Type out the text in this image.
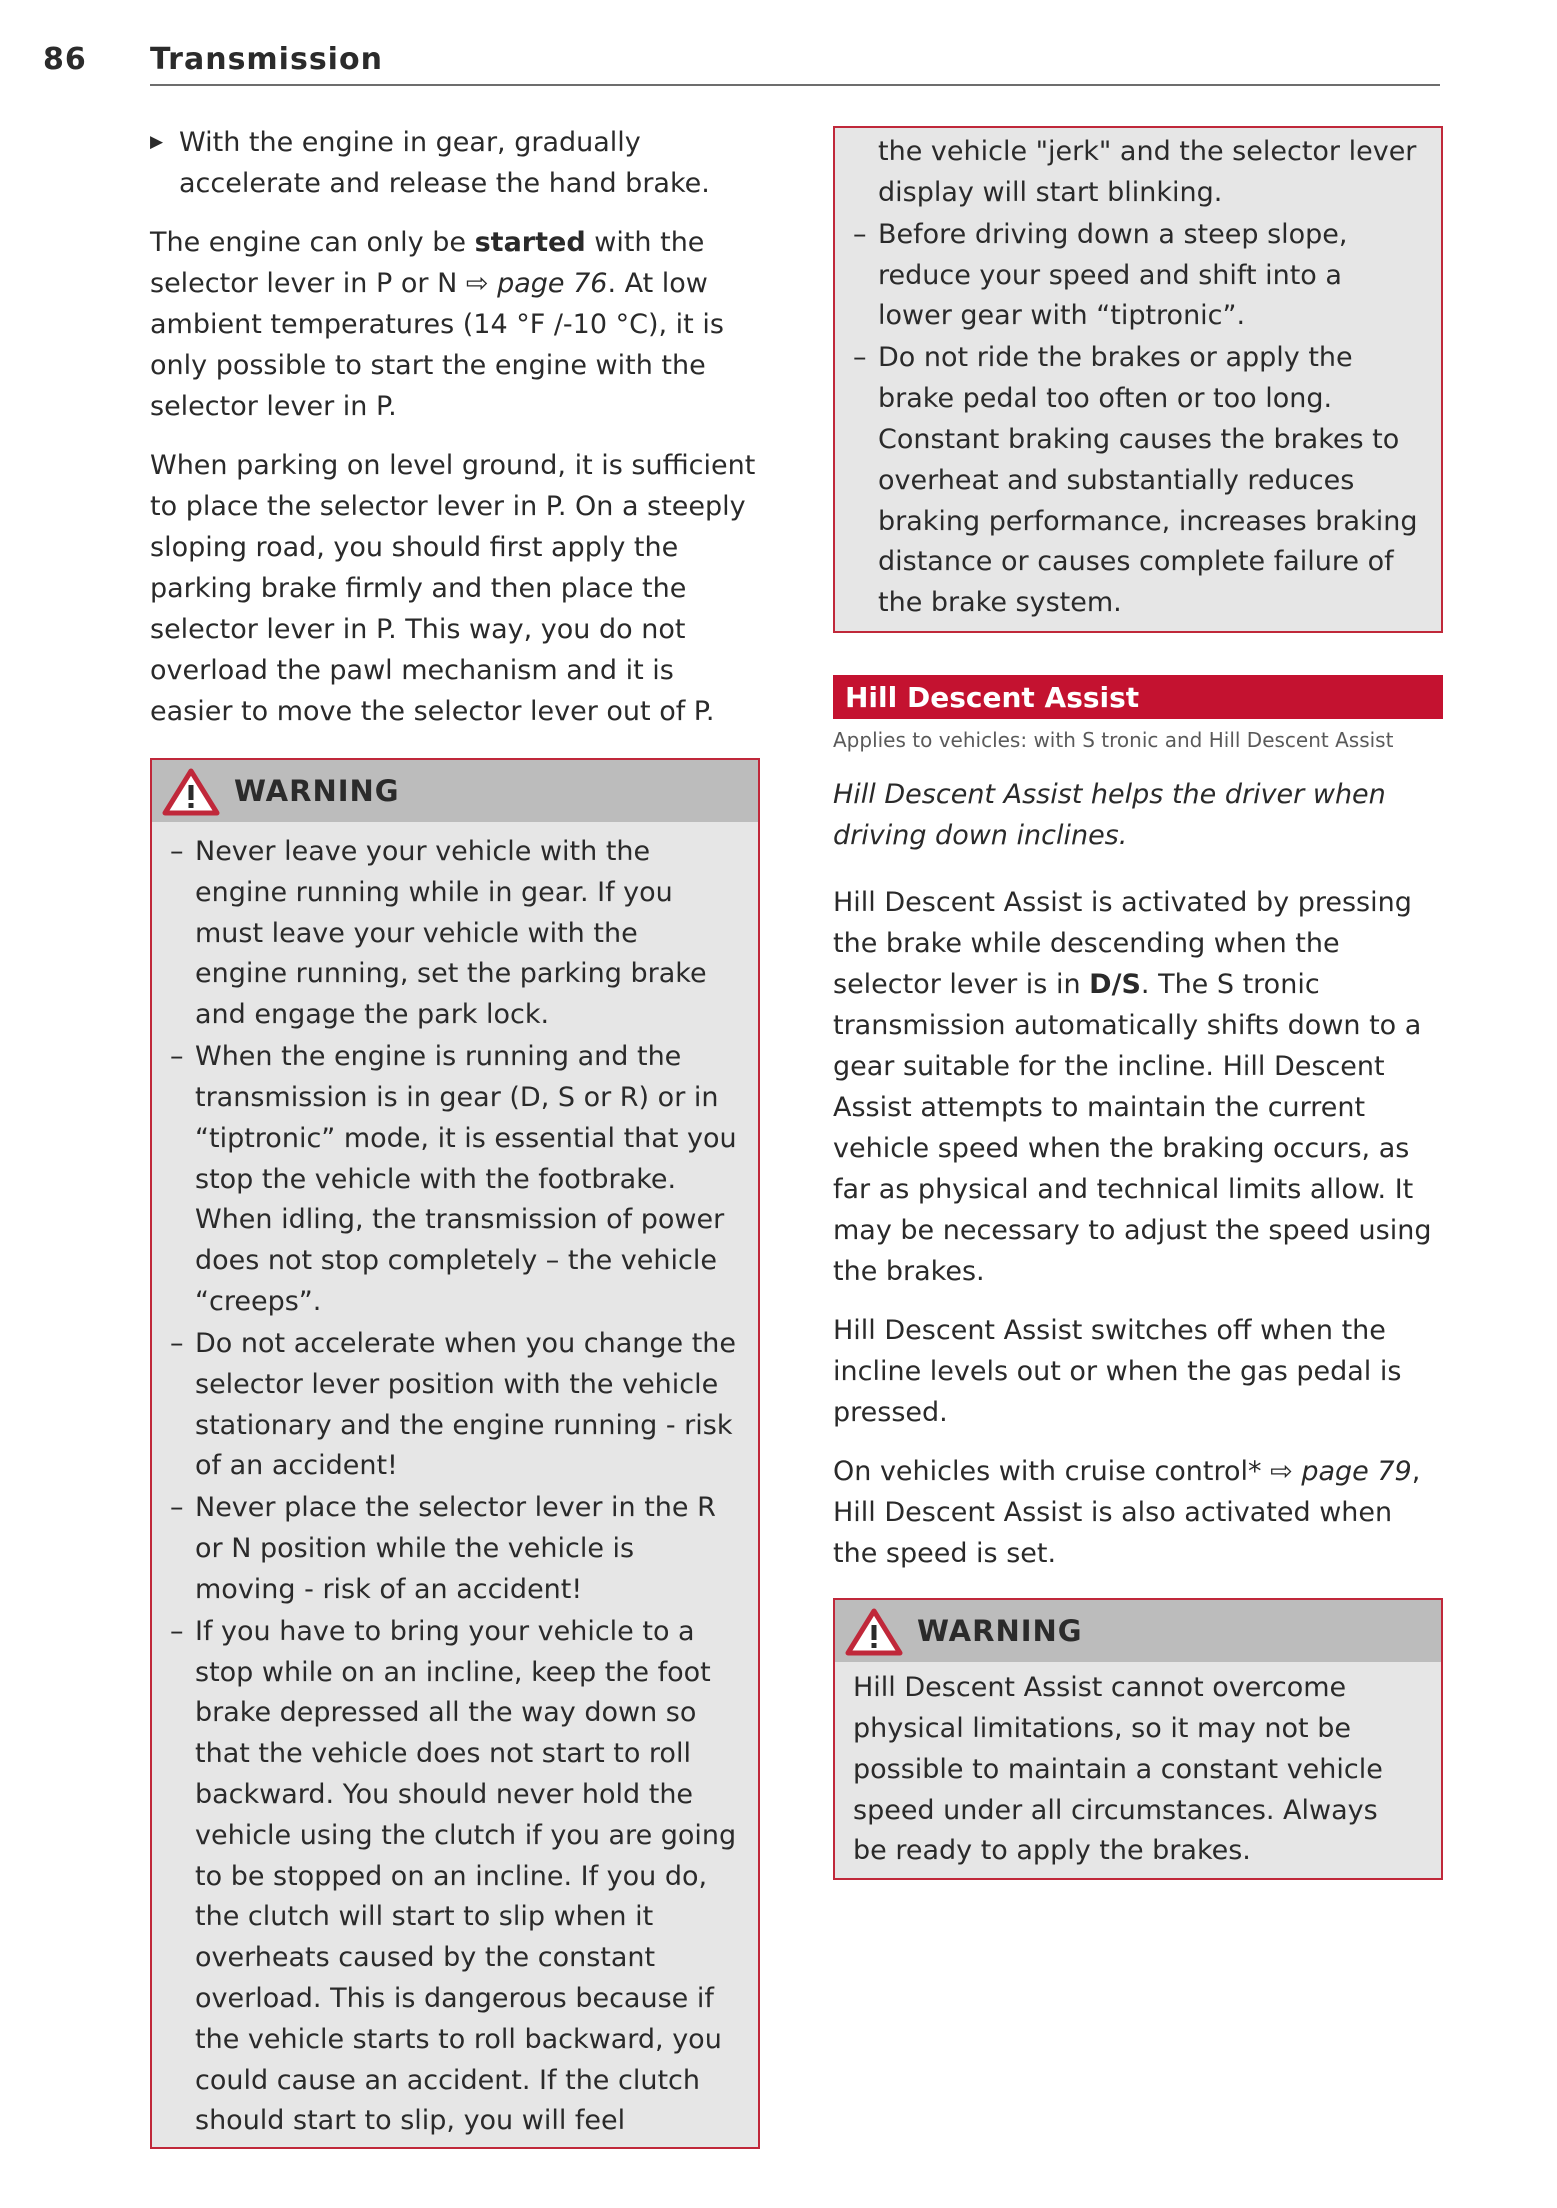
86 Transmission

▶ With the engine in gear, gradually accelerate and release the hand brake.

The engine can only be started with the selector lever in P or N ⇨ page 76. At low ambient temperatures (14 °F /-10 °C), it is only possible to start the engine with the selector lever in P.

When parking on level ground, it is sufficient to place the selector lever in P. On a steeply sloping road, you should first apply the parking brake firmly and then place the selector lever in P. This way, you do not overload the pawl mechanism and it is easier to move the selector lever out of P.

WARNING
– Never leave your vehicle with the engine running while in gear. If you must leave your vehicle with the engine running, set the parking brake and engage the park lock.
– When the engine is running and the transmission is in gear (D, S or R) or in “tiptronic” mode, it is essential that you stop the vehicle with the footbrake. When idling, the transmission of power does not stop completely – the vehicle “creeps”.
– Do not accelerate when you change the selector lever position with the vehicle stationary and the engine running - risk of an accident!
– Never place the selector lever in the R or N position while the vehicle is moving - risk of an accident!
– If you have to bring your vehicle to a stop while on an incline, keep the foot brake depressed all the way down so that the vehicle does not start to roll backward. You should never hold the vehicle using the clutch if you are going to be stopped on an incline. If you do, the clutch will start to slip when it overheats caused by the constant overload. This is dangerous because if the vehicle starts to roll backward, you could cause an accident. If the clutch should start to slip, you will feel
the vehicle "jerk" and the selector lever display will start blinking.
– Before driving down a steep slope, reduce your speed and shift into a lower gear with “tiptronic”.
– Do not ride the brakes or apply the brake pedal too often or too long. Constant braking causes the brakes to overheat and substantially reduces braking performance, increases braking distance or causes complete failure of the brake system.
Hill Descent Assist
Applies to vehicles: with S tronic and Hill Descent Assist

Hill Descent Assist helps the driver when driving down inclines.

Hill Descent Assist is activated by pressing the brake while descending when the selector lever is in D/S. The S tronic transmission automatically shifts down to a gear suitable for the incline. Hill Descent Assist attempts to maintain the current vehicle speed when the braking occurs, as far as physical and technical limits allow. It may be necessary to adjust the speed using the brakes.

Hill Descent Assist switches off when the incline levels out or when the gas pedal is pressed.

On vehicles with cruise control* ⇨ page 79, Hill Descent Assist is also activated when the speed is set.

WARNING
Hill Descent Assist cannot overcome physical limitations, so it may not be possible to maintain a constant vehicle speed under all circumstances. Always be ready to apply the brakes.
